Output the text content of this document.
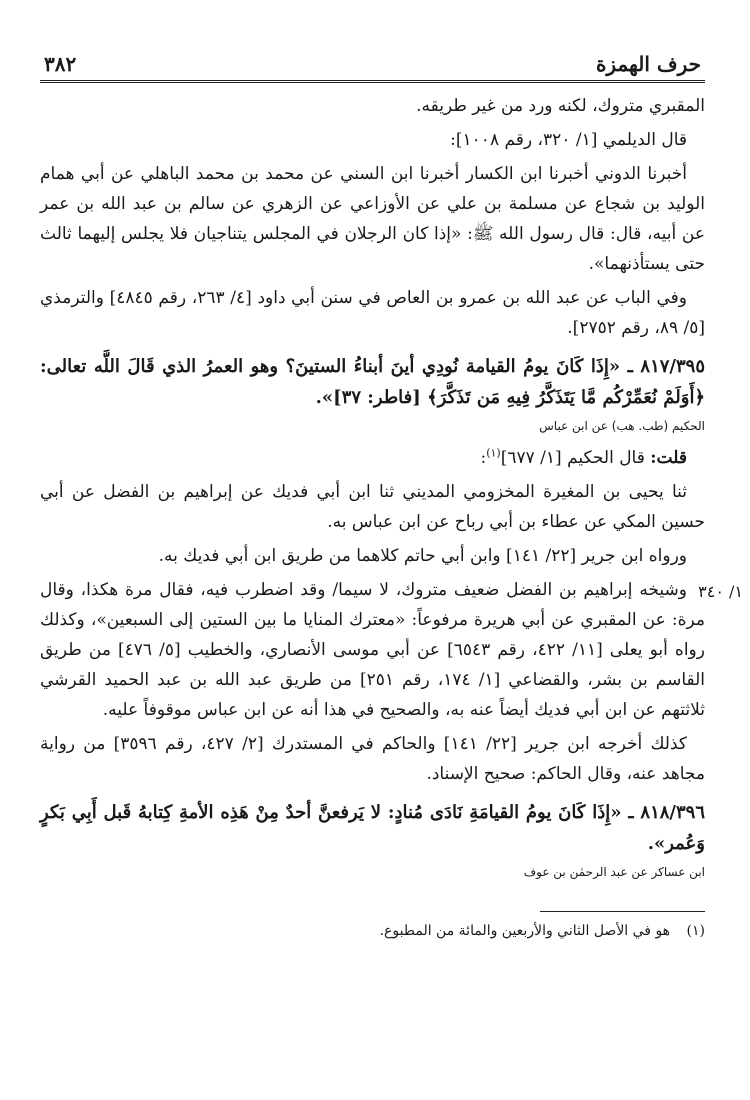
حرف الهمزة
٣٨٢

المقبري متروك، لكنه ورد من غير طريقه.

قال الديلمي [١/ ٣٢٠، رقم ١٠٠٨]:

أخبرنا الدوني أخبرنا ابن الكسار أخبرنا ابن السني عن محمد بن محمد الباهلي عن أبي همام الوليد بن شجاع عن مسلمة بن علي عن الأوزاعي عن الزهري عن سالم بن عبد الله بن عمر عن أبيه، قال: قال رسول الله ﷺ: «إذا كان الرجلان في المجلس يتناجيان فلا يجلس إليهما ثالث حتى يستأذنهما».

وفي الباب عن عبد الله بن عمرو بن العاص في سنن أبي داود [٤/ ٢٦٣، رقم ٤٨٤٥] والترمذي [٥/ ٨٩، رقم ٢٧٥٢].

٨١٧/٣٩٥ ـ «إِذَا كَانَ يومُ القيامة نُودِي أينَ أبناءُ الستينَ؟ وهو العمرُ الذي قَالَ اللَّه تعالى: ﴿أَوَلَمْ نُعَمِّرْكُم مَّا يَتَذَكَّرُ فِيهِ مَن تَذَكَّرَ﴾ [فاطر: ٣٧]».

الحكيم (طب. هب) عن ابن عباس

قلت: قال الحكيم [١/ ٦٧٧]$^{(١)}$:

ثنا يحيى بن المغيرة المخزومي المديني ثنا ابن أبي فديك عن إبراهيم بن الفضل عن أبي حسين المكي عن عطاء بن أبي رباح عن ابن عباس به.

ورواه ابن جرير [٢٢/ ١٤١] وابن أبي حاتم كلاهما من طريق ابن أبي فديك به.

١/ ٣٤٠

وشيخه إبراهيم بن الفضل ضعيف متروك، لا سيما/ وقد اضطرب فيه، فقال مرة هكذا، وقال مرة: عن المقبري عن أبي هريرة مرفوعاً: «معترك المنايا ما بين الستين إلى السبعين»، وكذلك رواه أبو يعلى [١١/ ٤٢٢، رقم ٦٥٤٣] عن أبي موسى الأنصاري، والخطيب [٥/ ٤٧٦] من طريق القاسم بن بشر، والقضاعي [١/ ١٧٤، رقم ٢٥١] من طريق عبد الله بن عبد الحميد القرشي ثلاثتهم عن ابن أبي فديك أيضاً عنه به، والصحيح في هذا أنه عن ابن عباس موقوفاً عليه.

كذلك أخرجه ابن جرير [٢٢/ ١٤١] والحاكم في المستدرك [٢/ ٤٢٧، رقم ٣٥٩٦] من رواية مجاهد عنه، وقال الحاكم: صحيح الإسناد.

٨١٨/٣٩٦ ـ «إِذَا كَانَ يومُ القيامَةِ نَادَى مُنادٍ: لا يَرفعنَّ أحدٌ مِنْ هَذِه الأمةِ كِتابهُ قَبل أَبِي بَكرٍ وَعُمر».

ابن عساكر عن عبد الرحمٰن بن عوف

(١) هو في الأصل الثاني والأربعين والمائة من المطبوع.
